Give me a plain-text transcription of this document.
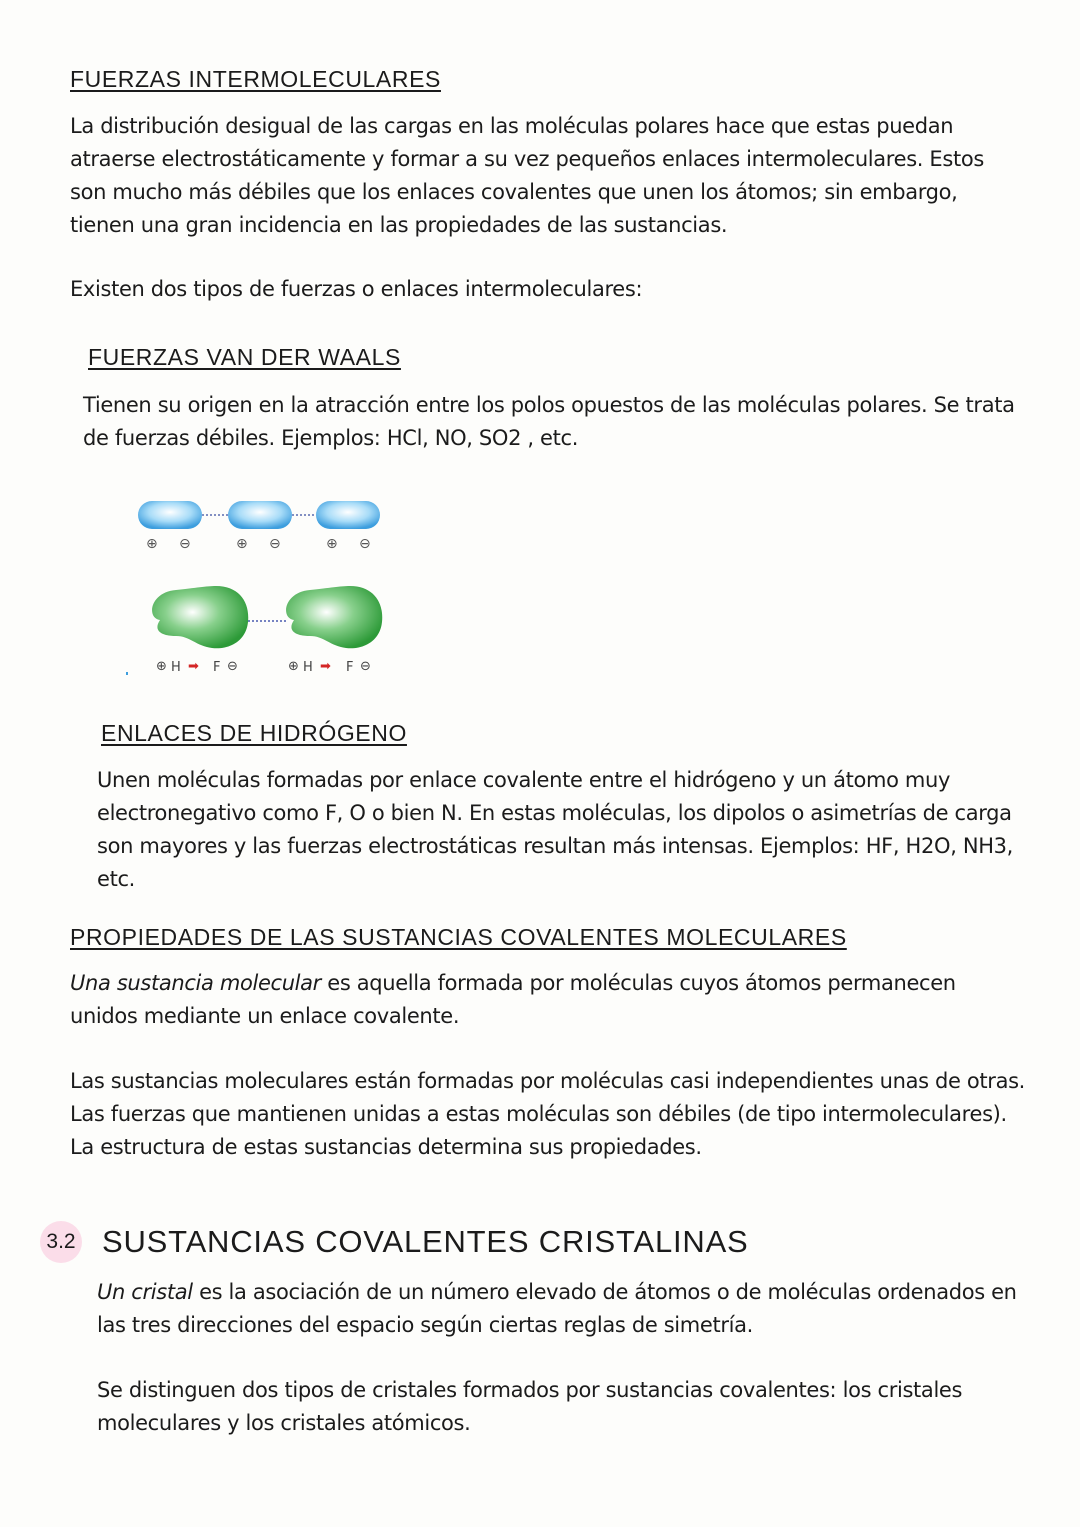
FUERZAS INTERMOLECULARES

La distribución desigual de las cargas en las moléculas polares hace que estas puedan atraerse electrostáticamente y formar a su vez pequeños enlaces intermoleculares. Estos son mucho más débiles que los enlaces covalentes que unen los átomos; sin embargo, tienen una gran incidencia en las propiedades de las sustancias.

Existen dos tipos de fuerzas o enlaces intermoleculares:

FUERZAS VAN DER WAALS

Tienen su origen en la atracción entre los polos opuestos de las moléculas polares. Se trata de fuerzas débiles. Ejemplos: HCl, NO, SO2 , etc.

⊕ ⊖	⊕ ⊖	⊕ ⊖
⊕ H ➡ F ⊖	⊕ H ➡ F ⊖
ENLACES DE HIDRÓGENO

Unen moléculas formadas por enlace covalente entre el hidrógeno y un átomo muy electronegativo como F, O o bien N. En estas moléculas, los dipolos o asimetrías de carga son mayores y las fuerzas electrostáticas resultan más intensas. Ejemplos: HF, H2O, NH3, etc.

PROPIEDADES DE LAS SUSTANCIAS COVALENTES MOLECULARES

Una sustancia molecular es aquella formada por moléculas cuyos átomos permanecen unidos mediante un enlace covalente.

Las sustancias moleculares están formadas por moléculas casi independientes unas de otras. Las fuerzas que mantienen unidas a estas moléculas son débiles (de tipo intermoleculares). La estructura de estas sustancias determina sus propiedades.

3.2 SUSTANCIAS COVALENTES CRISTALINAS

Un cristal es la asociación de un número elevado de átomos o de moléculas ordenados en las tres direcciones del espacio según ciertas reglas de simetría.

Se distinguen dos tipos de cristales formados por sustancias covalentes: los cristales moleculares y los cristales atómicos.
